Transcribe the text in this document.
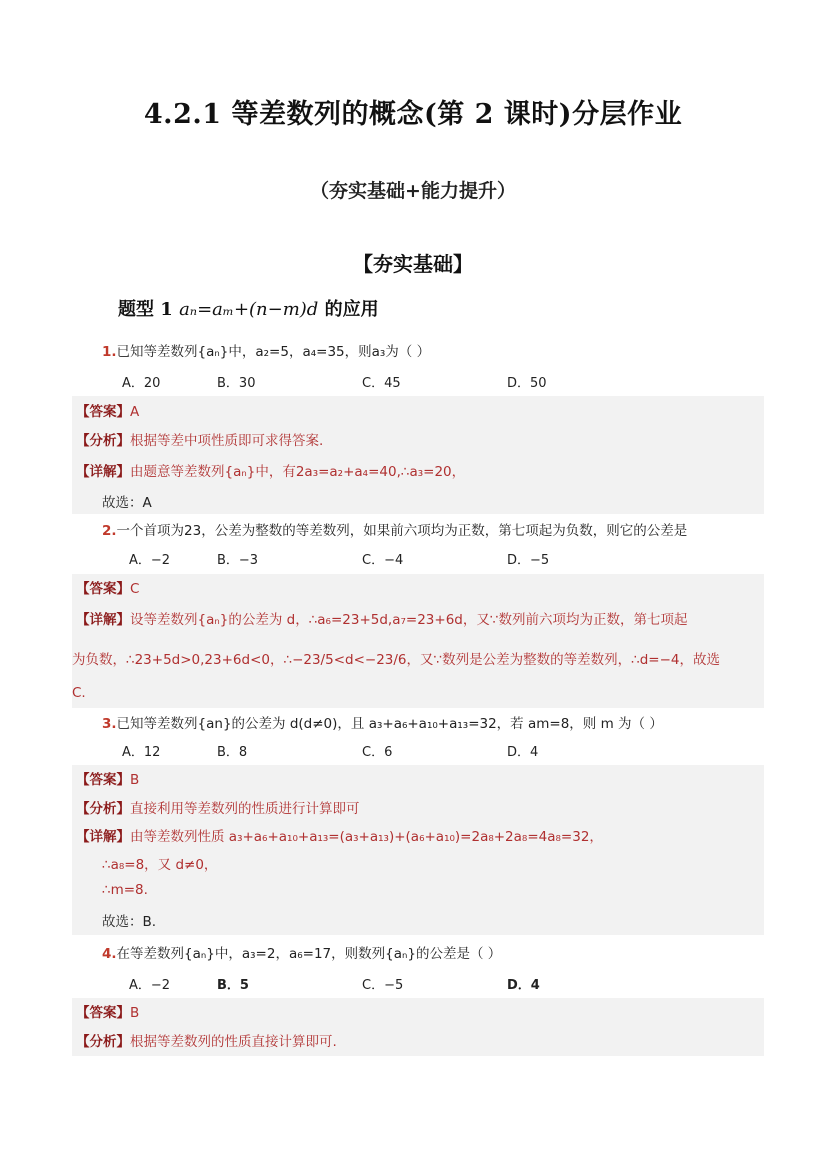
4.2.1 等差数列的概念(第 2 课时)分层作业
（夯实基础+能力提升）
【夯实基础】
题型 1 aₙ=aₘ+(n−m)d 的应用
1.已知等差数列{aₙ}中，a₂=5，a₄=35，则a₃为（ ）
A．20	B．30	C．45	D．50
【答案】A
【分析】根据等差中项性质即可求得答案.
【详解】由题意等差数列{aₙ}中，有2a₃=a₂+a₄=40,∴a₃=20，
故选：A
2.一个首项为23，公差为整数的等差数列，如果前六项均为正数，第七项起为负数，则它的公差是
A．−2	B．−3	C．−4	D．−5
【答案】C
【详解】设等差数列{aₙ}的公差为 d，∴a₆=23+5d,a₇=23+6d，又∵数列前六项均为正数，第七项起
为负数，∴23+5d>0,23+6d<0，∴−23/5<d<−23/6，又∵数列是公差为整数的等差数列，∴d=−4，故选
C.
3.已知等差数列{an}的公差为 d(d≠0)，且 a₃+a₆+a₁₀+a₁₃=32，若 am=8，则 m 为（ ）
A．12	B．8	C．6	D．4
【答案】B
【分析】直接利用等差数列的性质进行计算即可
【详解】由等差数列性质 a₃+a₆+a₁₀+a₁₃=(a₃+a₁₃)+(a₆+a₁₀)=2a₈+2a₈=4a₈=32，
∴a₈=8，又 d≠0，
∴m=8.
故选：B.
4.在等差数列{aₙ}中，a₃=2，a₆=17，则数列{aₙ}的公差是（ ）
A．−2	B．5	C．−5	D．4
【答案】B
【分析】根据等差数列的性质直接计算即可.
